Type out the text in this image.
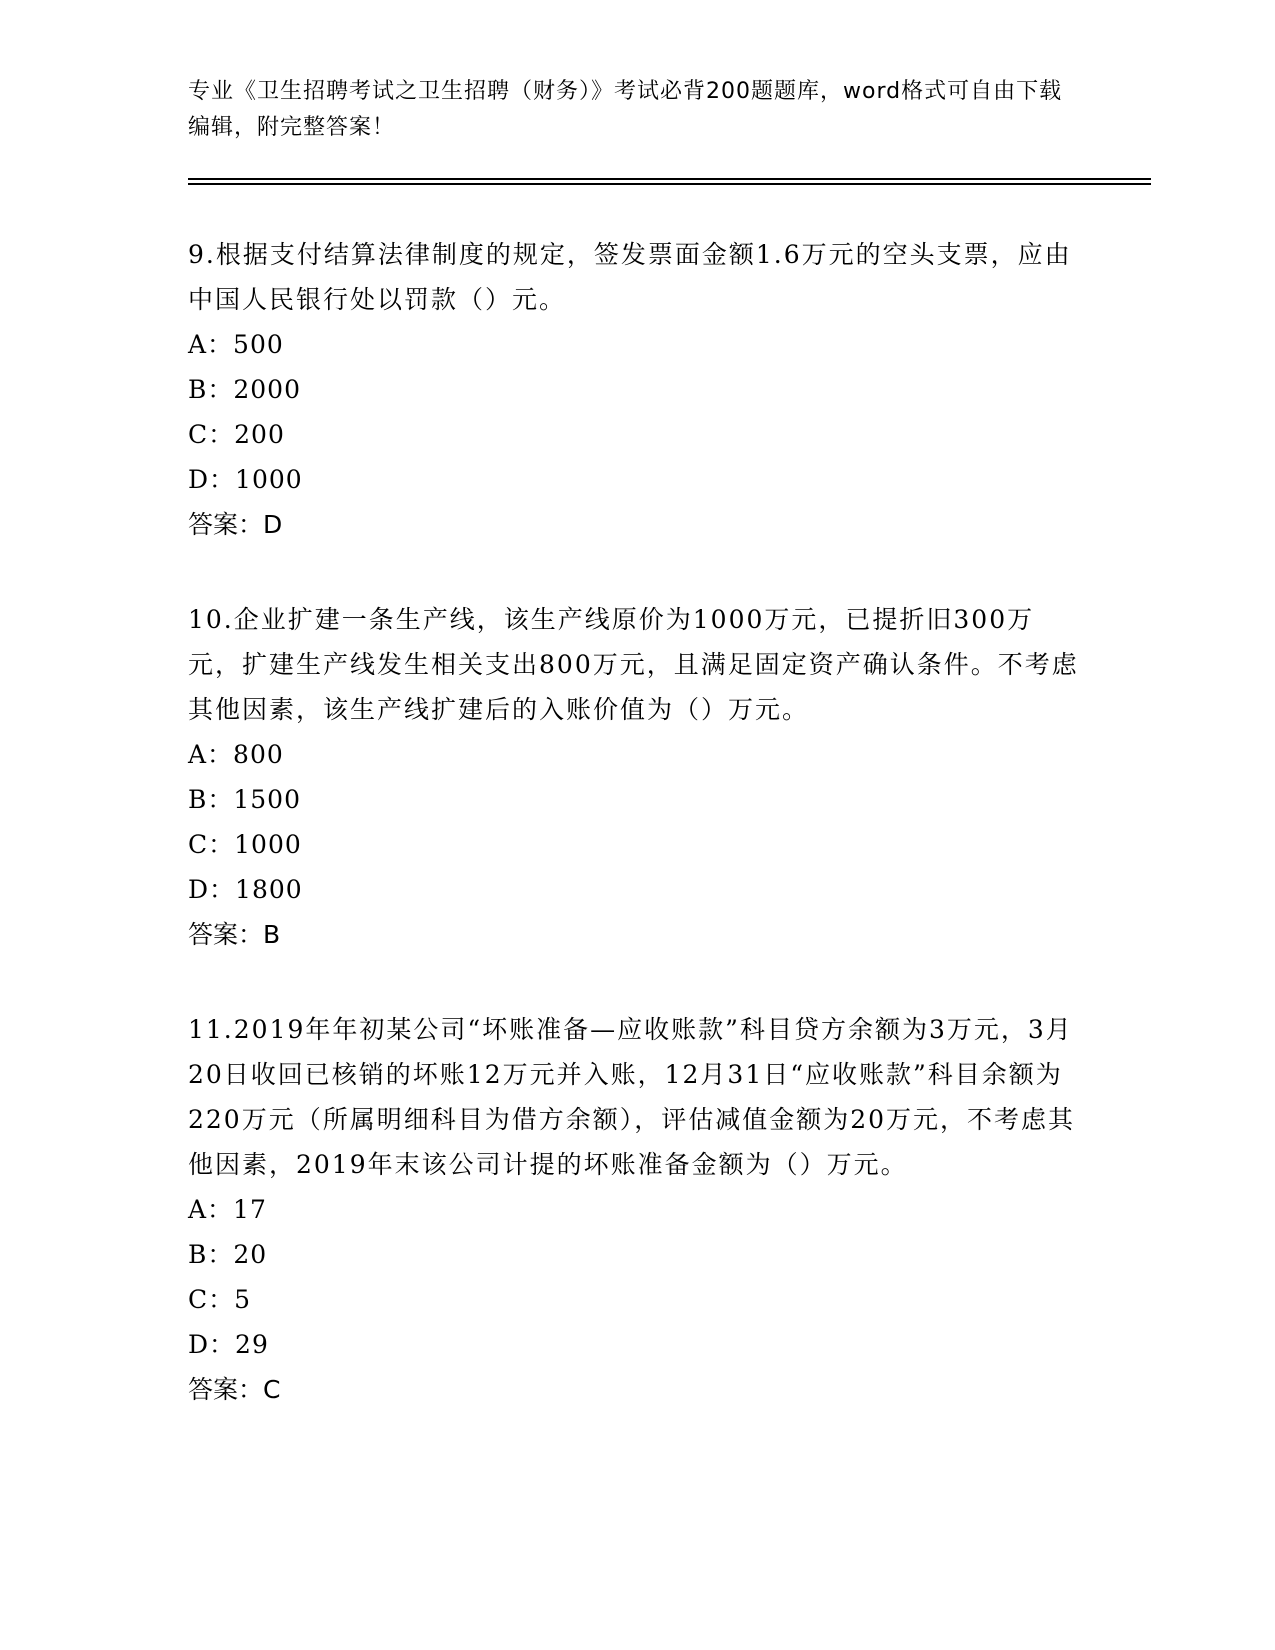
专业《卫生招聘考试之卫生招聘（财务）》考试必背200题题库，word格式可自由下载编辑，附完整答案！

9.根据支付结算法律制度的规定，签发票面金额1.6万元的空头支票，应由中国人民银行处以罚款（）元。

A：500

B：2000

C：200

D：1000

答案：D

10.企业扩建一条生产线，该生产线原价为1000万元，已提折旧300万元，扩建生产线发生相关支出800万元，且满足固定资产确认条件。不考虑其他因素，该生产线扩建后的入账价值为（）万元。

A：800

B：1500

C：1000

D：1800

答案：B

11.2019年年初某公司“坏账准备—应收账款”科目贷方余额为3万元，3月20日收回已核销的坏账12万元并入账，12月31日“应收账款”科目余额为220万元（所属明细科目为借方余额），评估减值金额为20万元，不考虑其他因素，2019年末该公司计提的坏账准备金额为（）万元。

A：17

B：20

C：5

D：29

答案：C
